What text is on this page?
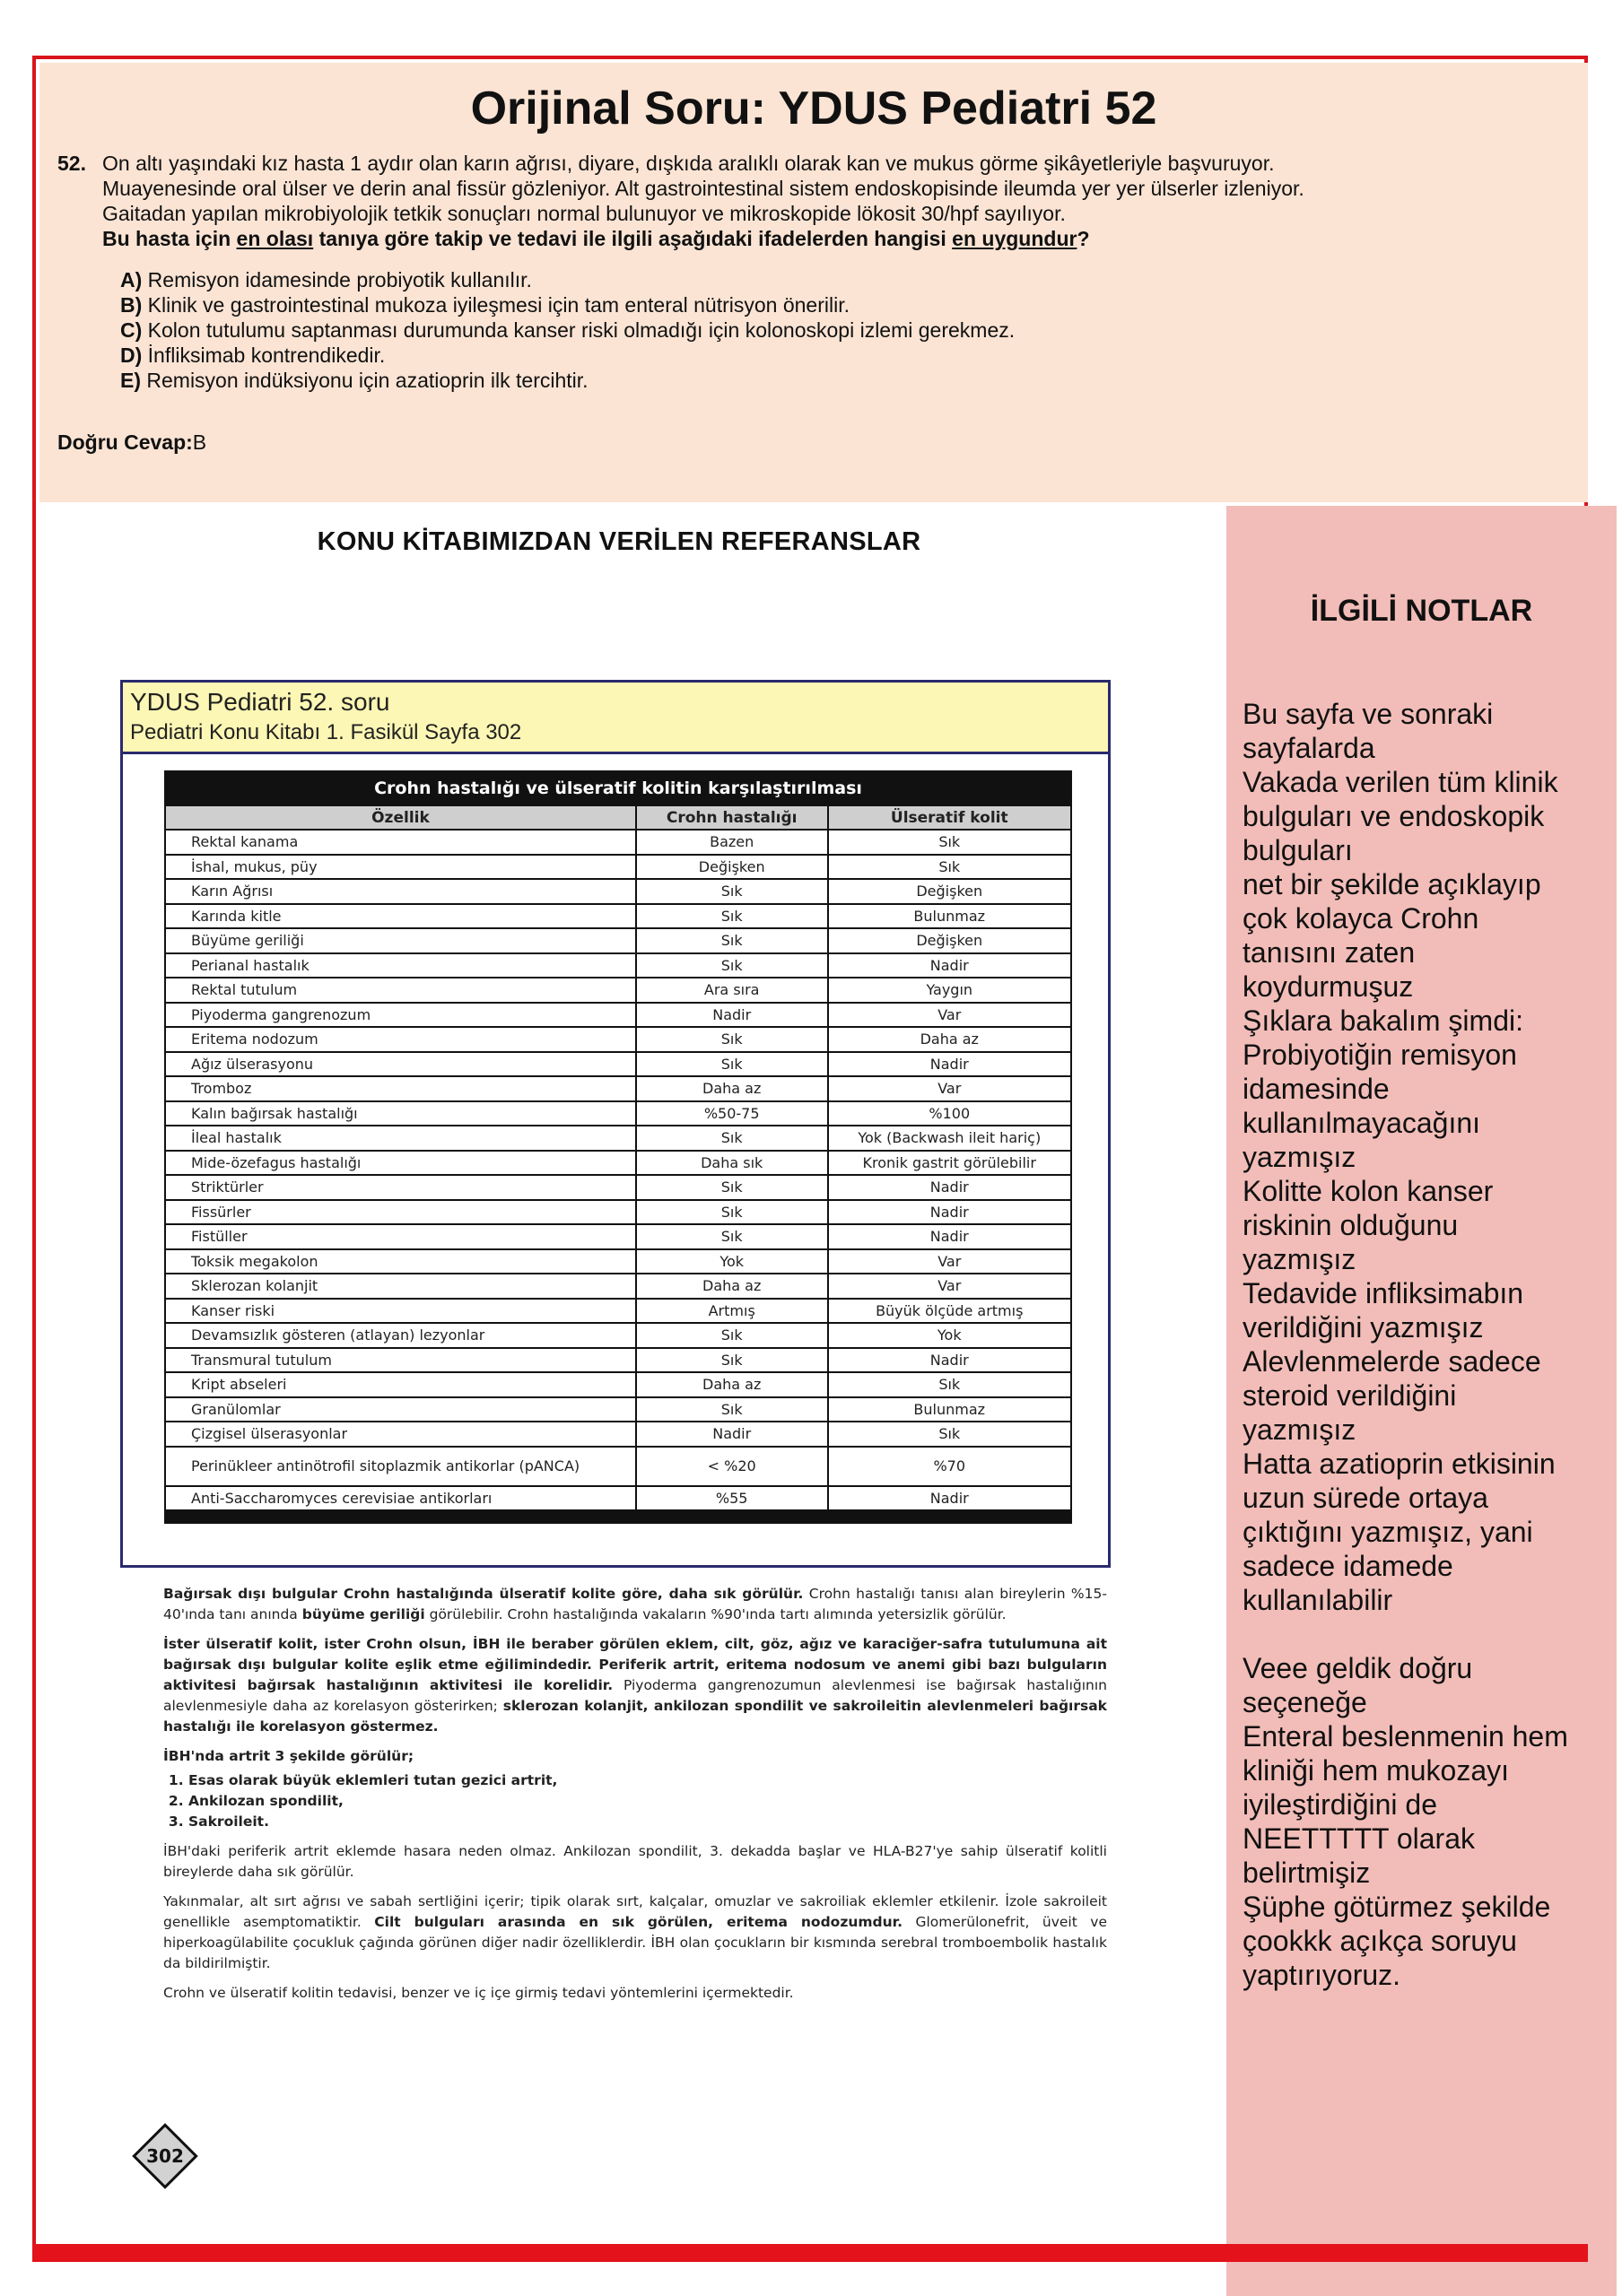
Orijinal Soru: YDUS Pediatri 52
52. On altı yaşındaki kız hasta 1 aydır olan karın ağrısı, diyare, dışkıda aralıklı olarak kan ve mukus görme şikâyetleriyle başvuruyor.

Muayenesinde oral ülser ve derin anal fissür gözleniyor. Alt gastrointestinal sistem endoskopisinde ileumda yer yer ülserler izleniyor.

Gaitadan yapılan mikrobiyolojik tetkik sonuçları normal bulunuyor ve mikroskopide lökosit 30/hpf sayılıyor.

Bu hasta için en olası tanıya göre takip ve tedavi ile ilgili aşağıdaki ifadelerden hangisi en uygundur?

A) Remisyon idamesinde probiyotik kullanılır.
B) Klinik ve gastrointestinal mukoza iyileşmesi için tam enteral nütrisyon önerilir.
C) Kolon tutulumu saptanması durumunda kanser riski olmadığı için kolonoskopi izlemi gerekmez.
D) İnfliksimab kontrendikedir.
E) Remisyon indüksiyonu için azatioprin ilk tercihtir.
Doğru Cevap:B
KONU KİTABIMIZDAN VERİLEN REFERANSLAR
YDUS Pediatri 52. soru
Pediatri Konu Kitabı 1. Fasikül Sayfa 302
Crohn hastalığı ve ülseratif kolitin karşılaştırılması		
Özellik	Crohn hastalığı	Ülseratif kolit
Rektal kanama	Bazen	Sık
İshal, mukus, püy	Değişken	Sık
Karın Ağrısı	Sık	Değişken
Karında kitle	Sık	Bulunmaz
Büyüme geriliği	Sık	Değişken
Perianal hastalık	Sık	Nadir
Rektal tutulum	Ara sıra	Yaygın
Piyoderma gangrenozum	Nadir	Var
Eritema nodozum	Sık	Daha az
Ağız ülserasyonu	Sık	Nadir
Tromboz	Daha az	Var
Kalın bağırsak hastalığı	%50-75	%100
İleal hastalık	Sık	Yok (Backwash ileit hariç)
Mide-özefagus hastalığı	Daha sık	Kronik gastrit görülebilir
Striktürler	Sık	Nadir
Fissürler	Sık	Nadir
Fistüller	Sık	Nadir
Toksik megakolon	Yok	Var
Sklerozan kolanjit	Daha az	Var
Kanser riski	Artmış	Büyük ölçüde artmış
Devamsızlık gösteren (atlayan) lezyonlar	Sık	Yok
Transmural tutulum	Sık	Nadir
Kript abseleri	Daha az	Sık
Granülomlar	Sık	Bulunmaz
Çizgisel ülserasyonlar	Nadir	Sık
Perinükleer antinötrofil sitoplazmik antikorlar (pANCA)	< %20	%70
Anti-Saccharomyces cerevisiae antikorları	%55	Nadir

Bağırsak dışı bulgular Crohn hastalığında ülseratif kolite göre, daha sık görülür. Crohn hastalığı tanısı alan bireylerin %15-40'ında tanı anında büyüme geriliği görülebilir. Crohn hastalığında vakaların %90'ında tartı alımında yetersizlik görülür.

İster ülseratif kolit, ister Crohn olsun, İBH ile beraber görülen eklem, cilt, göz, ağız ve karaciğer-safra tutulumuna ait bağırsak dışı bulgular kolite eşlik etme eğilimindedir. Periferik artrit, eritema nodosum ve anemi gibi bazı bulguların aktivitesi bağırsak hastalığının aktivitesi ile korelidir. Piyoderma gangrenozumun alevlenmesi ise bağırsak hastalığının alevlenmesiyle daha az korelasyon gösterirken; sklerozan kolanjit, ankilozan spondilit ve sakroileitin alevlenmeleri bağırsak hastalığı ile korelasyon göstermez.

İBH'nda artrit 3 şekilde görülür;

1. Esas olarak büyük eklemleri tutan gezici artrit,
2. Ankilozan spondilit,
3. Sakroileit.

İBH'daki periferik artrit eklemde hasara neden olmaz. Ankilozan spondilit, 3. dekadda başlar ve HLA-B27'ye sahip ülseratif kolitli bireylerde daha sık görülür.

Yakınmalar, alt sırt ağrısı ve sabah sertliğini içerir; tipik olarak sırt, kalçalar, omuzlar ve sakroiliak eklemler etkilenir. İzole sakroileit genellikle asemptomatiktir. Cilt bulguları arasında en sık görülen, eritema nodozumdur. Glomerülonefrit, üveit ve hiperkoagülabilite çocukluk çağında görünen diğer nadir özelliklerdir. İBH olan çocukların bir kısmında serebral tromboembolik hastalık da bildirilmiştir.

Crohn ve ülseratif kolitin tedavisi, benzer ve iç içe girmiş tedavi yöntemlerini içermektedir.

302
İLGİLİ NOTLAR
Bu sayfa ve sonraki
sayfalarda
Vakada verilen tüm klinik
bulguları ve endoskopik
bulguları
net bir şekilde açıklayıp
çok kolayca Crohn
tanısını zaten
koydurmuşuz
Şıklara bakalım şimdi:
Probiyotiğin remisyon
idamesinde
kullanılmayacağını
yazmışız
Kolitte kolon kanser
riskinin olduğunu
yazmışız
Tedavide infliksimabın
verildiğini yazmışız
Alevlenmelerde sadece
steroid verildiğini
yazmışız
Hatta azatioprin etkisinin
uzun sürede ortaya
çıktığını yazmışız, yani
sadece idamede
kullanılabilir
Veee geldik doğru
seçeneğe
Enteral beslenmenin hem
kliniği hem mukozayı
iyileştirdiğini de
NEETTTTT olarak
belirtmişiz
Şüphe götürmez şekilde
çookkk açıkça soruyu
yaptırıyoruz.
